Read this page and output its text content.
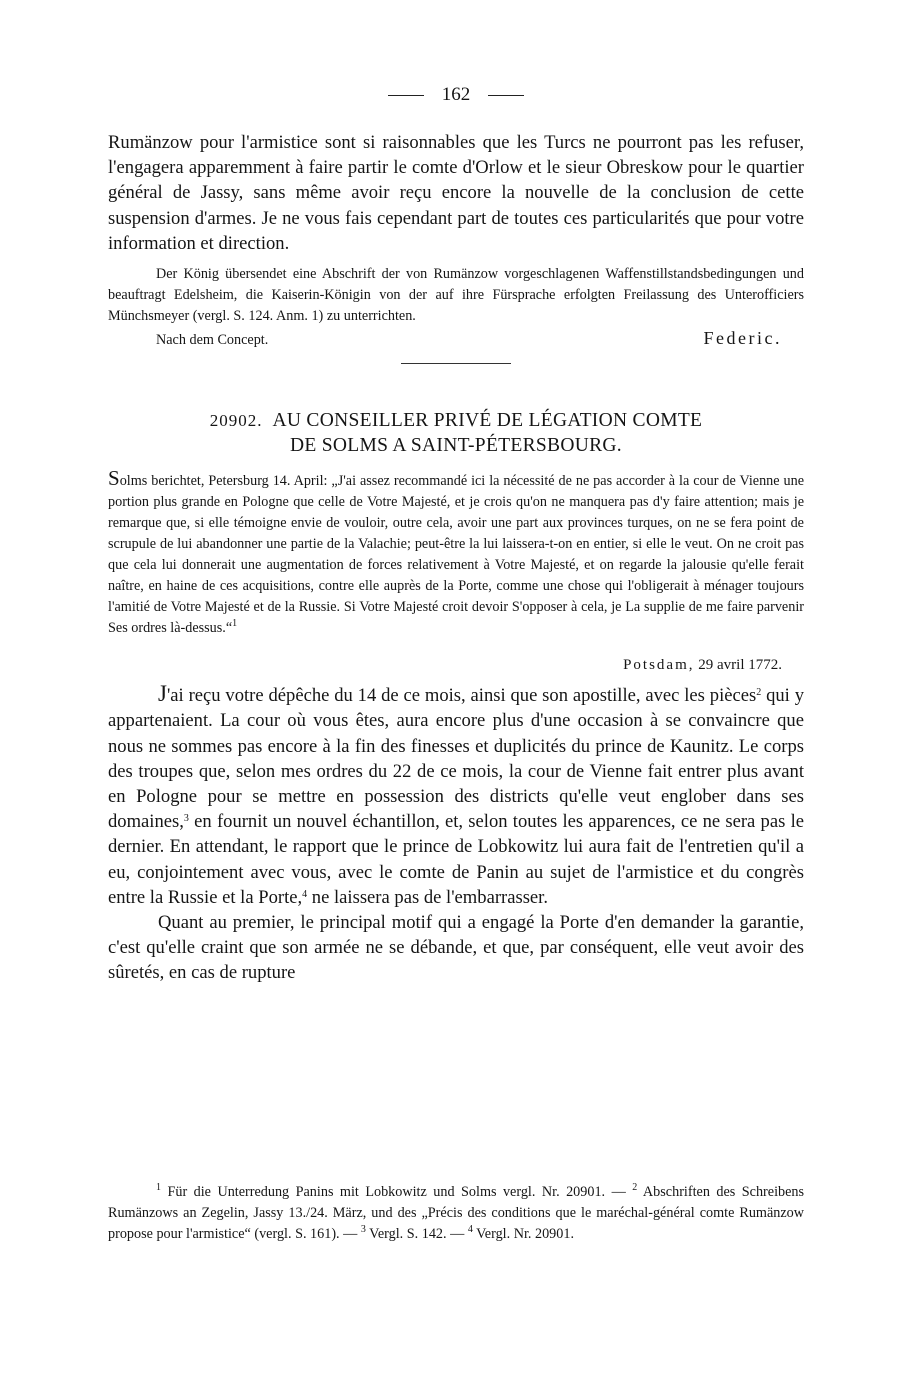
162

Rumänzow pour l'armistice sont si raisonnables que les Turcs ne pourront pas les refuser, l'engagera apparemment à faire partir le comte d'Orlow et le sieur Obreskow pour le quartier général de Jassy, sans même avoir reçu encore la nouvelle de la conclusion de cette suspension d'armes. Je ne vous fais cependant part de toutes ces particularités que pour votre information et direction.

Der König übersendet eine Abschrift der von Rumänzow vorgeschlagenen Waffenstillstandsbedingungen und beauftragt Edelsheim, die Kaiserin-Königin von der auf ihre Fürsprache erfolgten Freilassung des Unterofficiers Münchsmeyer (vergl. S. 124. Anm. 1) zu unterrichten.

Nach dem Concept.	Federic.
20902. AU CONSEILLER PRIVÉ DE LÉGATION COMTE
DE SOLMS A SAINT-PÉTERSBOURG.

Solms berichtet, Petersburg 14. April: „J'ai assez recommandé ici la nécessité de ne pas accorder à la cour de Vienne une portion plus grande en Pologne que celle de Votre Majesté, et je crois qu'on ne manquera pas d'y faire attention; mais je remarque que, si elle témoigne envie de vouloir, outre cela, avoir une part aux provinces turques, on ne se fera point de scrupule de lui abandonner une partie de la Valachie; peut-être la lui laissera-t-on en entier, si elle le veut. On ne croit pas que cela lui donnerait une augmentation de forces relativement à Votre Majesté, et on regarde la jalousie qu'elle ferait naître, en haine de ces acquisitions, contre elle auprès de la Porte, comme une chose qui l'obligerait à ménager toujours l'amitié de Votre Majesté et de la Russie. Si Votre Majesté croit devoir S'opposer à cela, je La supplie de me faire parvenir Ses ordres là-dessus.“$^1$

Potsdam, 29 avril 1772.

J'ai reçu votre dépêche du 14 de ce mois, ainsi que son apostille, avec les pièces$^2$ qui y appartenaient. La cour où vous êtes, aura encore plus d'une occasion à se convaincre que nous ne sommes pas encore à la fin des finesses et duplicités du prince de Kaunitz. Le corps des troupes que, selon mes ordres du 22 de ce mois, la cour de Vienne fait entrer plus avant en Pologne pour se mettre en possession des districts qu'elle veut englober dans ses domaines,$^3$ en fournit un nouvel échantillon, et, selon toutes les apparences, ce ne sera pas le dernier. En attendant, le rapport que le prince de Lobkowitz lui aura fait de l'entretien qu'il a eu, conjointement avec vous, avec le comte de Panin au sujet de l'armistice et du congrès entre la Russie et la Porte,$^4$ ne laissera pas de l'embarrasser.

Quant au premier, le principal motif qui a engagé la Porte d'en demander la garantie, c'est qu'elle craint que son armée ne se débande, et que, par conséquent, elle veut avoir des sûretés, en cas de rupture

$^1$ Für die Unterredung Panins mit Lobkowitz und Solms vergl. Nr. 20901. — $^2$ Abschriften des Schreibens Rumänzows an Zegelin, Jassy 13./24. März, und des „Précis des conditions que le maréchal-général comte Rumänzow propose pour l'armistice“ (vergl. S. 161). — $^3$ Vergl. S. 142. — $^4$ Vergl. Nr. 20901.
